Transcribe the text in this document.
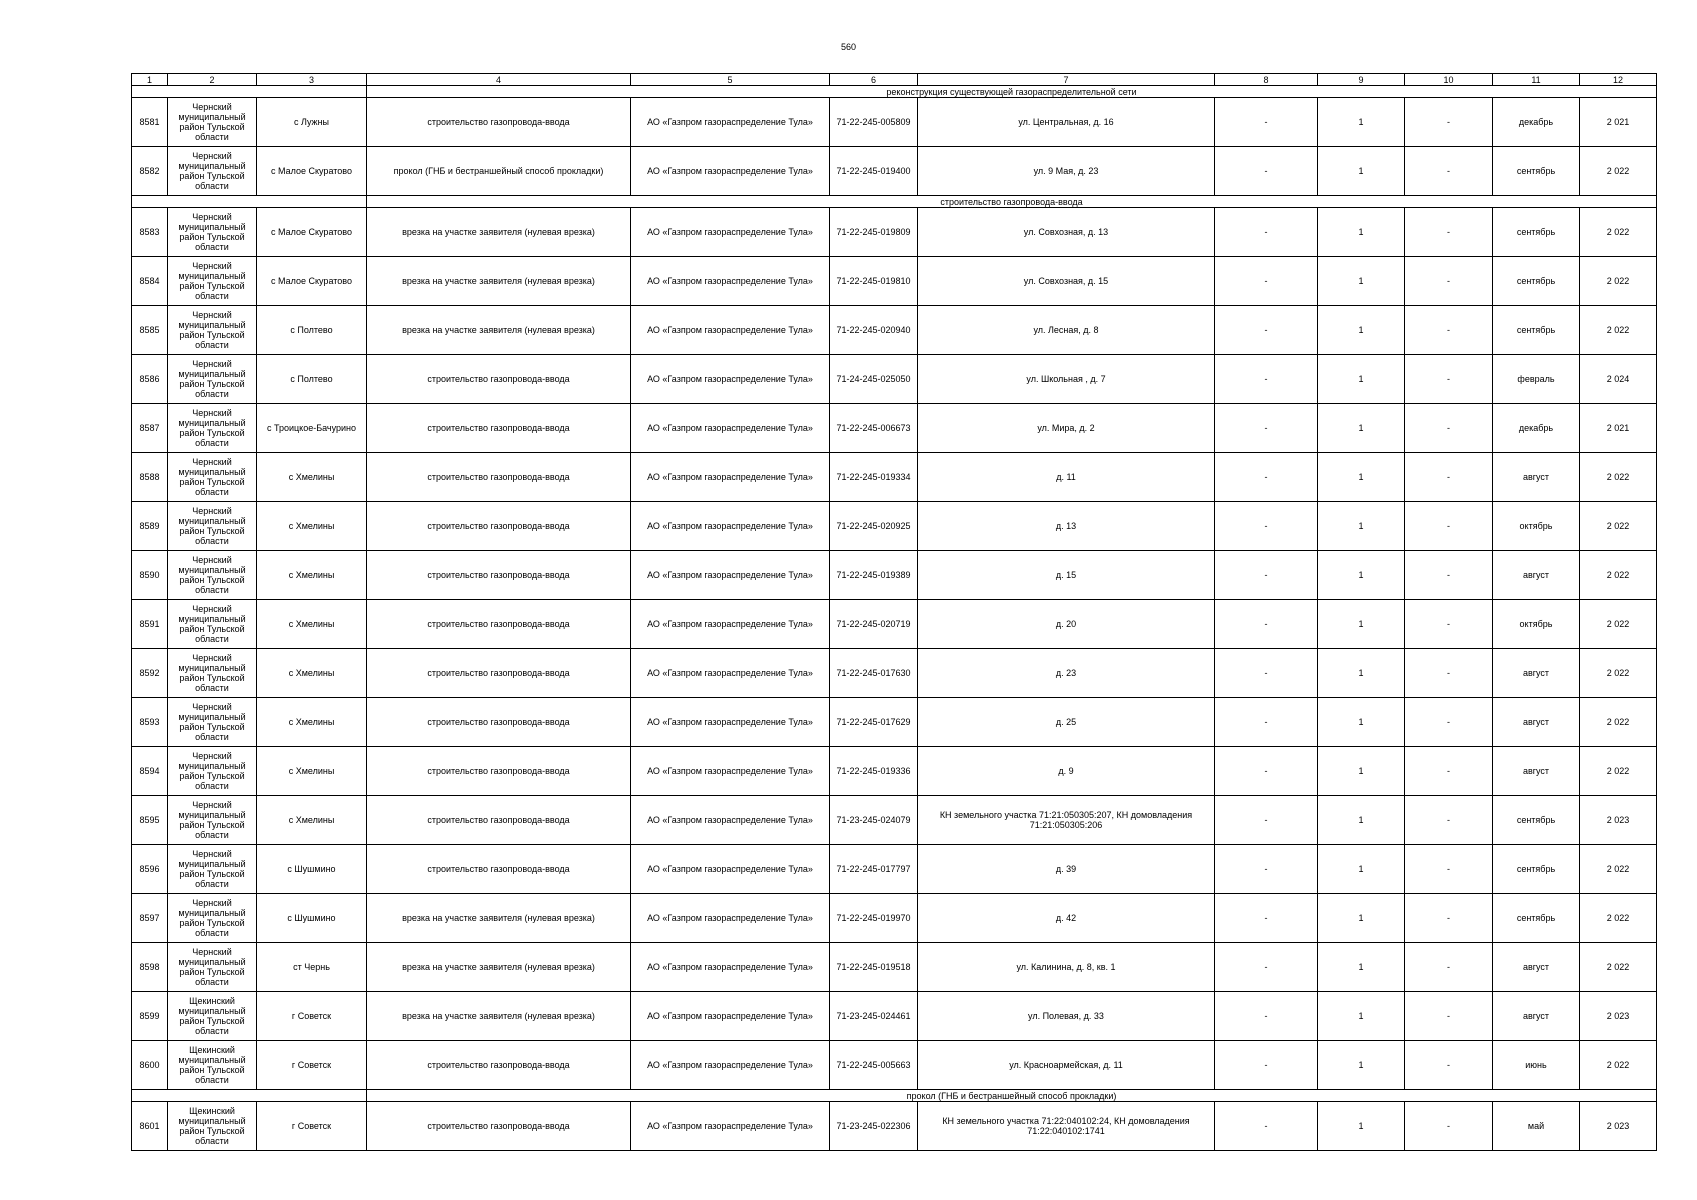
560
1	2	3	4	5	6	7	8	9	10	11	12
			реконструкция существующей газораспределительной сети								
8581	Чернский муниципальный район Тульской области	с Лужны	строительство газопровода-ввода	АО «Газпром газораспределение Тула»	71-22-245-005809	ул. Центральная, д. 16	-	1	-	декабрь	2 021
8582	Чернский муниципальный район Тульской области	с Малое Скуратово	прокол (ГНБ и бестраншейный способ прокладки)	АО «Газпром газораспределение Тула»	71-22-245-019400	ул. 9 Мая, д. 23	-	1	-	сентябрь	2 022
			строительство газопровода-ввода								
8583	Чернский муниципальный район Тульской области	с Малое Скуратово	врезка на участке заявителя (нулевая врезка)	АО «Газпром газораспределение Тула»	71-22-245-019809	ул. Совхозная, д. 13	-	1	-	сентябрь	2 022
8584	Чернский муниципальный район Тульской области	с Малое Скуратово	врезка на участке заявителя (нулевая врезка)	АО «Газпром газораспределение Тула»	71-22-245-019810	ул. Совхозная, д. 15	-	1	-	сентябрь	2 022
8585	Чернский муниципальный район Тульской области	с Полтево	врезка на участке заявителя (нулевая врезка)	АО «Газпром газораспределение Тула»	71-22-245-020940	ул. Лесная, д. 8	-	1	-	сентябрь	2 022
8586	Чернский муниципальный район Тульской области	с Полтево	строительство газопровода-ввода	АО «Газпром газораспределение Тула»	71-24-245-025050	ул. Школьная , д. 7	-	1	-	февраль	2 024
8587	Чернский муниципальный район Тульской области	с Троицкое-Бачурино	строительство газопровода-ввода	АО «Газпром газораспределение Тула»	71-22-245-006673	ул. Мира, д. 2	-	1	-	декабрь	2 021
8588	Чернский муниципальный район Тульской области	с Хмелины	строительство газопровода-ввода	АО «Газпром газораспределение Тула»	71-22-245-019334	д. 11	-	1	-	август	2 022
8589	Чернский муниципальный район Тульской области	с Хмелины	строительство газопровода-ввода	АО «Газпром газораспределение Тула»	71-22-245-020925	д. 13	-	1	-	октябрь	2 022
8590	Чернский муниципальный район Тульской области	с Хмелины	строительство газопровода-ввода	АО «Газпром газораспределение Тула»	71-22-245-019389	д. 15	-	1	-	август	2 022
8591	Чернский муниципальный район Тульской области	с Хмелины	строительство газопровода-ввода	АО «Газпром газораспределение Тула»	71-22-245-020719	д. 20	-	1	-	октябрь	2 022
8592	Чернский муниципальный район Тульской области	с Хмелины	строительство газопровода-ввода	АО «Газпром газораспределение Тула»	71-22-245-017630	д. 23	-	1	-	август	2 022
8593	Чернский муниципальный район Тульской области	с Хмелины	строительство газопровода-ввода	АО «Газпром газораспределение Тула»	71-22-245-017629	д. 25	-	1	-	август	2 022
8594	Чернский муниципальный район Тульской области	с Хмелины	строительство газопровода-ввода	АО «Газпром газораспределение Тула»	71-22-245-019336	д. 9	-	1	-	август	2 022
8595	Чернский муниципальный район Тульской области	с Хмелины	строительство газопровода-ввода	АО «Газпром газораспределение Тула»	71-23-245-024079	КН земельного участка 71:21:050305:207, КН домовладения 71:21:050305:206	-	1	-	сентябрь	2 023
8596	Чернский муниципальный район Тульской области	с Шушмино	строительство газопровода-ввода	АО «Газпром газораспределение Тула»	71-22-245-017797	д. 39	-	1	-	сентябрь	2 022
8597	Чернский муниципальный район Тульской области	с Шушмино	врезка на участке заявителя (нулевая врезка)	АО «Газпром газораспределение Тула»	71-22-245-019970	д. 42	-	1	-	сентябрь	2 022
8598	Чернский муниципальный район Тульской области	ст Чернь	врезка на участке заявителя (нулевая врезка)	АО «Газпром газораспределение Тула»	71-22-245-019518	ул. Калинина, д. 8, кв. 1	-	1	-	август	2 022
8599	Щекинский муниципальный район Тульской области	г Советск	врезка на участке заявителя (нулевая врезка)	АО «Газпром газораспределение Тула»	71-23-245-024461	ул. Полевая, д. 33	-	1	-	август	2 023
8600	Щекинский муниципальный район Тульской области	г Советск	строительство газопровода-ввода	АО «Газпром газораспределение Тула»	71-22-245-005663	ул. Красноармейская, д. 11	-	1	-	июнь	2 022
			прокол (ГНБ и бестраншейный способ прокладки)								
8601	Щекинский муниципальный район Тульской области	г Советск	строительство газопровода-ввода	АО «Газпром газораспределение Тула»	71-23-245-022306	КН земельного участка 71:22:040102:24, КН домовладения 71:22:040102:1741	-	1	-	май	2 023
